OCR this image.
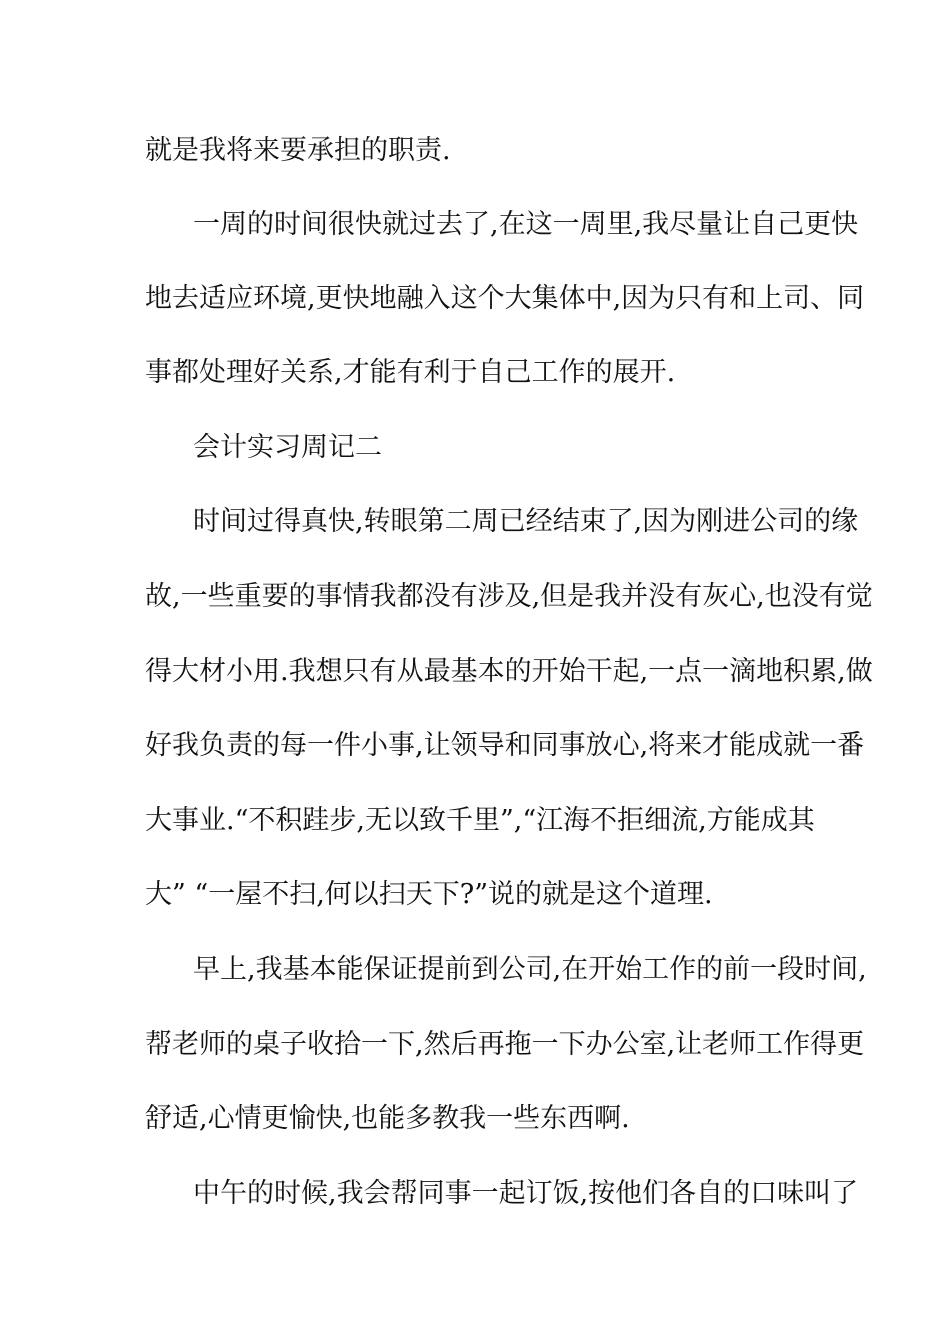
就是我将来要承担的职责.
一周的时间很快就过去了,在这一周里,我尽量让自己更快
地去适应环境,更快地融入这个大集体中,因为只有和上司、同
事都处理好关系,才能有利于自己工作的展开.
会计实习周记二
时间过得真快,转眼第二周已经结束了,因为刚进公司的缘
故,一些重要的事情我都没有涉及,但是我并没有灰心,也没有觉
得大材小用.我想只有从最基本的开始干起,一点一滴地积累,做
好我负责的每一件小事,让领导和同事放心,将来才能成就一番
大事业.“不积跬步,无以致千里”,“江海不拒细流,方能成其
大” “一屋不扫,何以扫天下?”说的就是这个道理.
早上,我基本能保证提前到公司,在开始工作的前一段时间,
帮老师的桌子收拾一下,然后再拖一下办公室,让老师工作得更
舒适,心情更愉快,也能多教我一些东西啊.
中午的时候,我会帮同事一起订饭,按他们各自的口味叫了
